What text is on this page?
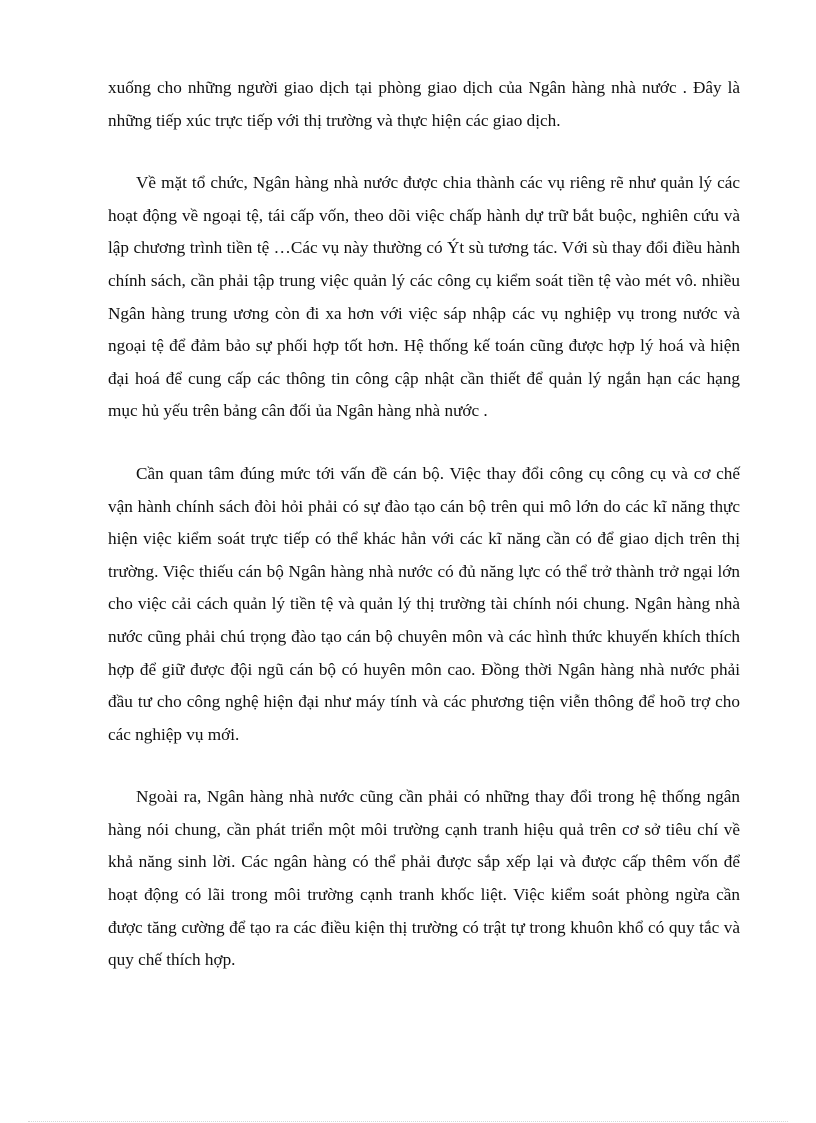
xuống cho những người giao dịch tại phòng giao dịch của Ngân hàng nhà nước . Đây là những tiếp xúc trực tiếp với thị trường và thực hiện các giao dịch.

Về mặt tổ chức, Ngân hàng nhà nước được chia thành các vụ riêng rẽ như quản lý các hoạt động về ngoại tệ, tái cấp vốn, theo dõi việc chấp hành dự trữ bắt buộc, nghiên cứu và lập chương trình tiền tệ …Các vụ này thường có Ýt sù tương tác. Với sù thay đổi điều hành chính sách, cần phải tập trung việc quản lý các công cụ kiểm soát tiền tệ vào mét vô. nhiều Ngân hàng trung ương còn đi xa hơn với việc sáp nhập các vụ nghiệp vụ trong nước và ngoại tệ để đảm bảo sự phối hợp tốt hơn. Hệ thống kế toán cũng được hợp lý hoá và hiện đại hoá để cung cấp các thông tin công cập nhật cần thiết để quản lý ngắn hạn các hạng mục hủ yếu trên bảng cân đối ủa Ngân hàng nhà nước .

Cần quan tâm đúng mức tới vấn đề cán bộ. Việc thay đổi công cụ công cụ và cơ chế vận hành chính sách đòi hỏi phải có sự đào tạo cán bộ trên qui mô lớn do các kĩ năng thực hiện việc kiểm soát trực tiếp có thể khác hẳn với các kĩ năng cần có để giao dịch trên thị trường. Việc thiếu cán bộ Ngân hàng nhà nước có đủ năng lực có thể trở thành trở ngại lớn cho việc cải cách quản lý tiền tệ và quản lý thị trường tài chính nói chung. Ngân hàng nhà nước cũng phải chú trọng đào tạo cán bộ chuyên môn và các hình thức khuyến khích thích hợp để giữ được đội ngũ cán bộ có huyên môn cao. Đồng thời Ngân hàng nhà nước phải đầu tư cho công nghệ hiện đại như máy tính và các phương tiện viễn thông để hoõ trợ cho các nghiệp vụ mới.

Ngoài ra, Ngân hàng nhà nước cũng cần phải có những thay đổi trong hệ thống ngân hàng nói chung, cần phát triển một môi trường cạnh tranh hiệu quả trên cơ sở tiêu chí về khả năng sinh lời. Các ngân hàng có thể phải được sắp xếp lại và được cấp thêm vốn để hoạt động có lãi trong môi trường cạnh tranh khốc liệt. Việc kiểm soát phòng ngừa cần được tăng cường để tạo ra các điều kiện thị trường có trật tự trong khuôn khổ có quy tắc và quy chế thích hợp.
